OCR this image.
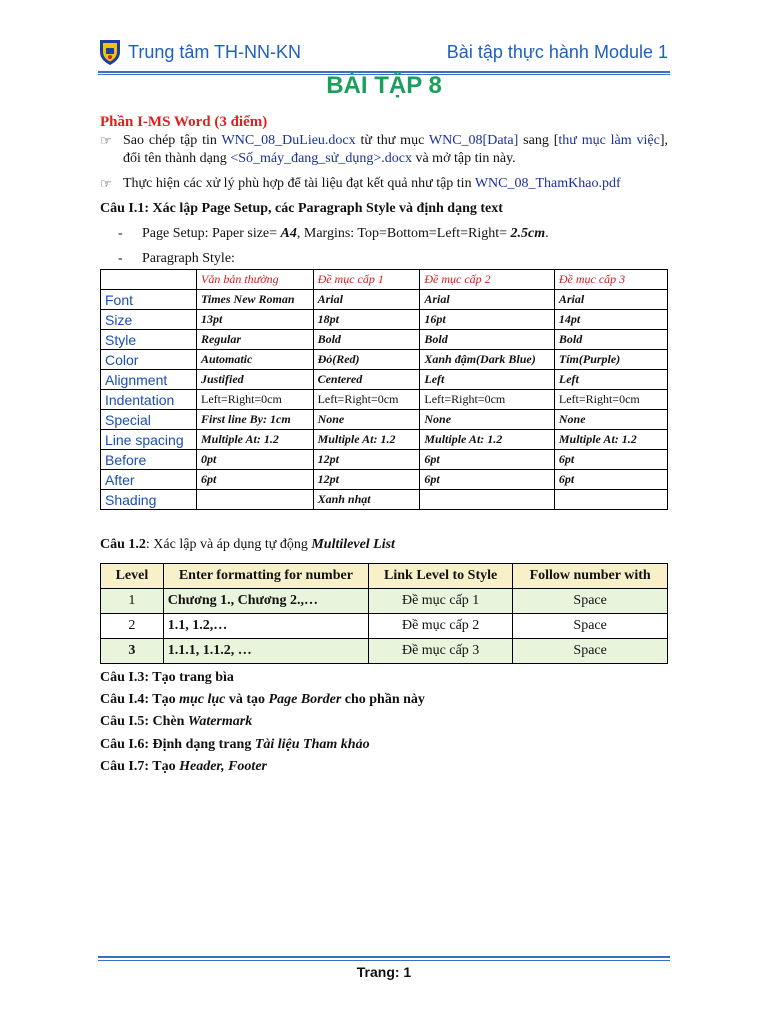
Trung tâm TH-NN-KN	Bài tập thực hành Module 1
BÀI TẬP 8
Phần I-MS Word (3 điểm)
☞ Sao chép tập tin WNC_08_DuLieu.docx từ thư mục WNC_08[Data] sang [thư mục làm việc], đổi tên thành dạng <Số_máy_đang_sử_dụng>.docx và mở tập tin này.
☞ Thực hiện các xử lý phù hợp để tài liệu đạt kết quả như tập tin WNC_08_ThamKhao.pdf
Câu I.1: Xác lập Page Setup, các Paragraph Style và định dạng text
- Page Setup: Paper size= A4, Margins: Top=Bottom=Left=Right= 2.5cm.
- Paragraph Style:
	Văn bản thường	Đề mục cấp 1	Đề mục cấp 2	Đề mục cấp 3
Font	Times New Roman	Arial	Arial	Arial
Size	13pt	18pt	16pt	14pt
Style	Regular	Bold	Bold	Bold
Color	Automatic	Đỏ(Red)	Xanh đậm(Dark Blue)	Tím(Purple)
Alignment	Justified	Centered	Left	Left
Indentation	Left=Right=0cm	Left=Right=0cm	Left=Right=0cm	Left=Right=0cm
Special	First line By: 1cm	None	None	None
Line spacing	Multiple At: 1.2	Multiple At: 1.2	Multiple At: 1.2	Multiple At: 1.2
Before	0pt	12pt	6pt	6pt
After	6pt	12pt	6pt	6pt
Shading		Xanh nhạt		
Câu 1.2: Xác lập và áp dụng tự động Multilevel List
Level	Enter formatting for number	Link Level to Style	Follow number with
1	Chương 1., Chương 2.,…	Đề mục cấp 1	Space
2	1.1, 1.2,…	Đề mục cấp 2	Space
3	1.1.1, 1.1.2, …	Đề mục cấp 3	Space
Câu I.3: Tạo trang bìa
Câu I.4: Tạo mục lục và tạo Page Border cho phần này
Câu I.5: Chèn Watermark
Câu I.6: Định dạng trang Tài liệu Tham khảo
Câu I.7: Tạo Header, Footer
Trang: 1
